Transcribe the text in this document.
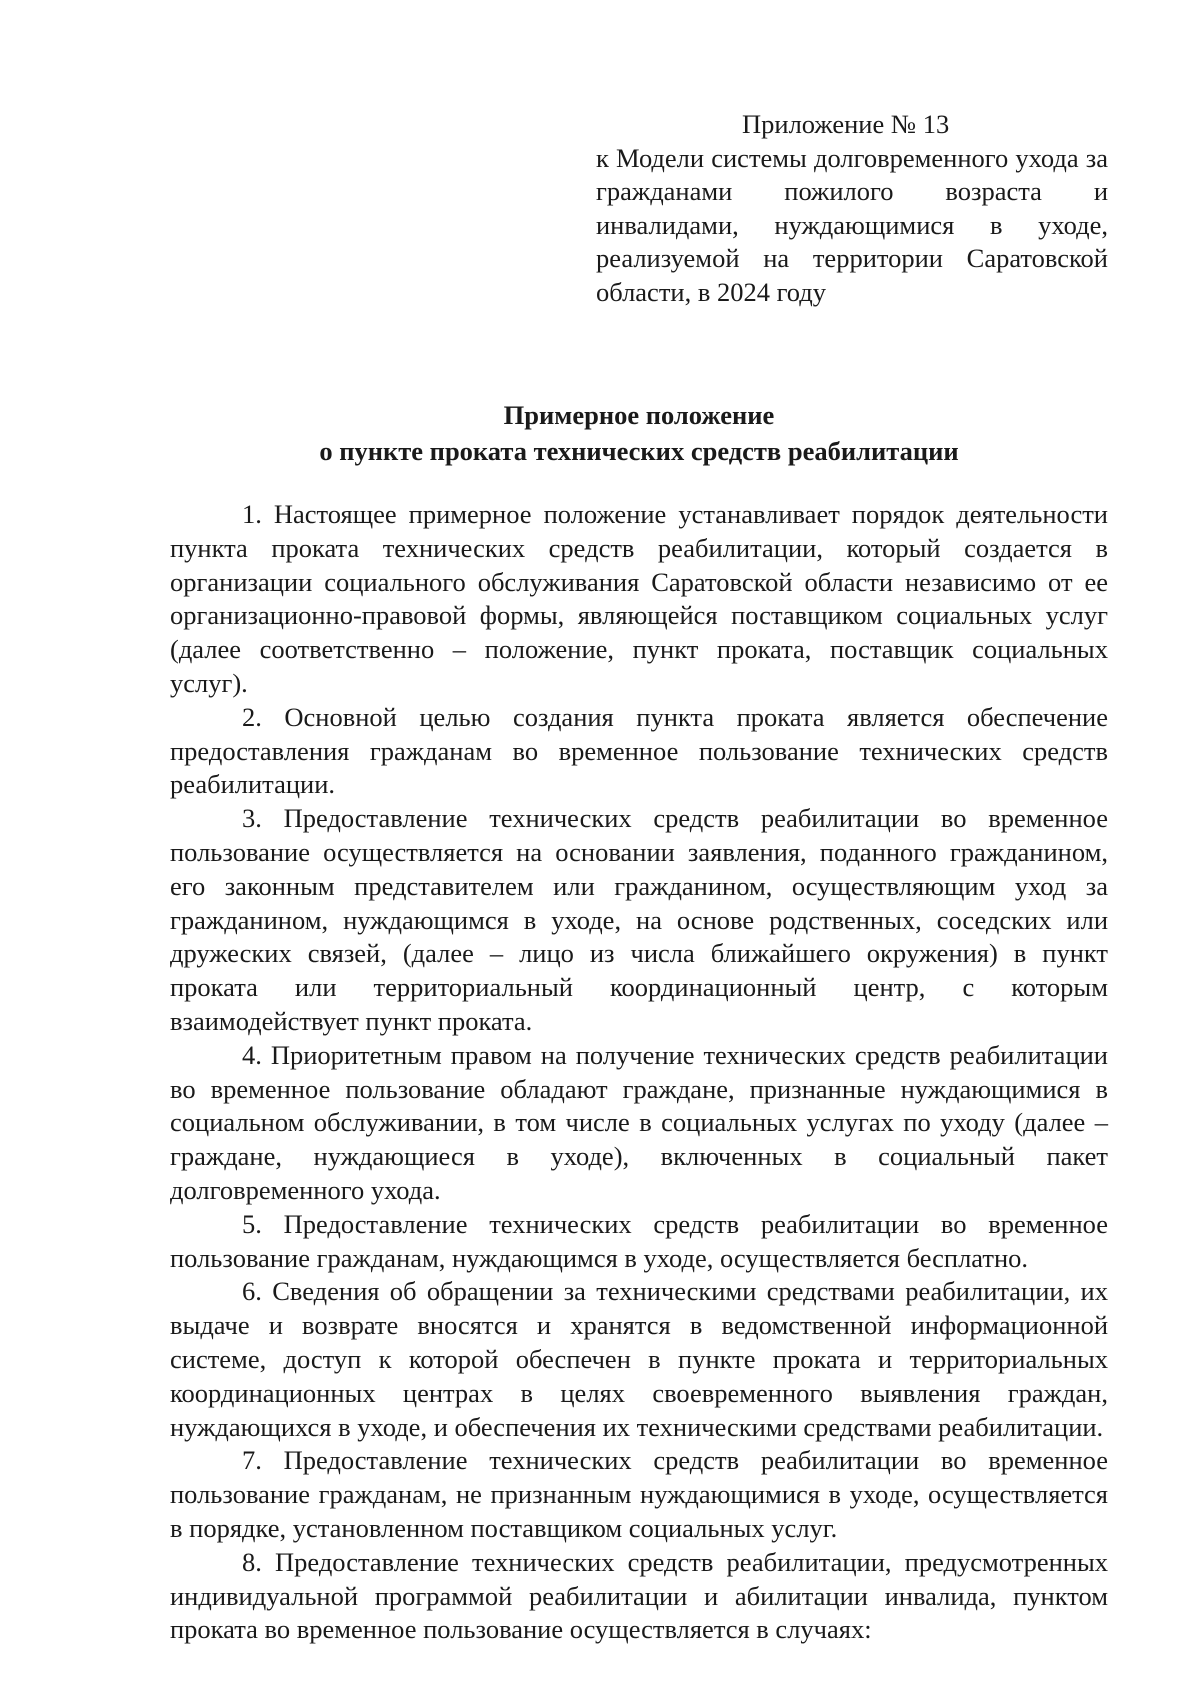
Приложение № 13
к Модели системы долговременного ухода за гражданами пожилого возраста и инвалидами, нуждающимися в уходе, реализуемой на территории Саратовской области, в 2024 году
Примерное положение
о пункте проката технических средств реабилитации

1. Настоящее примерное положение устанавливает порядок деятельности пункта проката технических средств реабилитации, который создается в организации социального обслуживания Саратовской области независимо от ее организационно-правовой формы, являющейся поставщиком социальных услуг (далее соответственно – положение, пункт проката, поставщик социальных услуг).

2. Основной целью создания пункта проката является обеспечение предоставления гражданам во временное пользование технических средств реабилитации.

3. Предоставление технических средств реабилитации во временное пользование осуществляется на основании заявления, поданного гражданином, его законным представителем или гражданином, осуществляющим уход за гражданином, нуждающимся в уходе, на основе родственных, соседских или дружеских связей, (далее – лицо из числа ближайшего окружения) в пункт проката или территориальный координационный центр, с которым взаимодействует пункт проката.

4. Приоритетным правом на получение технических средств реабилитации во временное пользование обладают граждане, признанные нуждающимися в социальном обслуживании, в том числе в социальных услугах по уходу (далее – граждане, нуждающиеся в уходе), включенных в социальный пакет долговременного ухода.

5. Предоставление технических средств реабилитации во временное пользование гражданам, нуждающимся в уходе, осуществляется бесплатно.

6. Сведения об обращении за техническими средствами реабилитации, их выдаче и возврате вносятся и хранятся в ведомственной информационной системе, доступ к которой обеспечен в пункте проката и территориальных координационных центрах в целях своевременного выявления граждан, нуждающихся в уходе, и обеспечения их техническими средствами реабилитации.

7. Предоставление технических средств реабилитации во временное пользование гражданам, не признанным нуждающимися в уходе, осуществляется в порядке, установленном поставщиком социальных услуг.

8. Предоставление технических средств реабилитации, предусмотренных индивидуальной программой реабилитации и абилитации инвалида, пунктом проката во временное пользование осуществляется в случаях:
